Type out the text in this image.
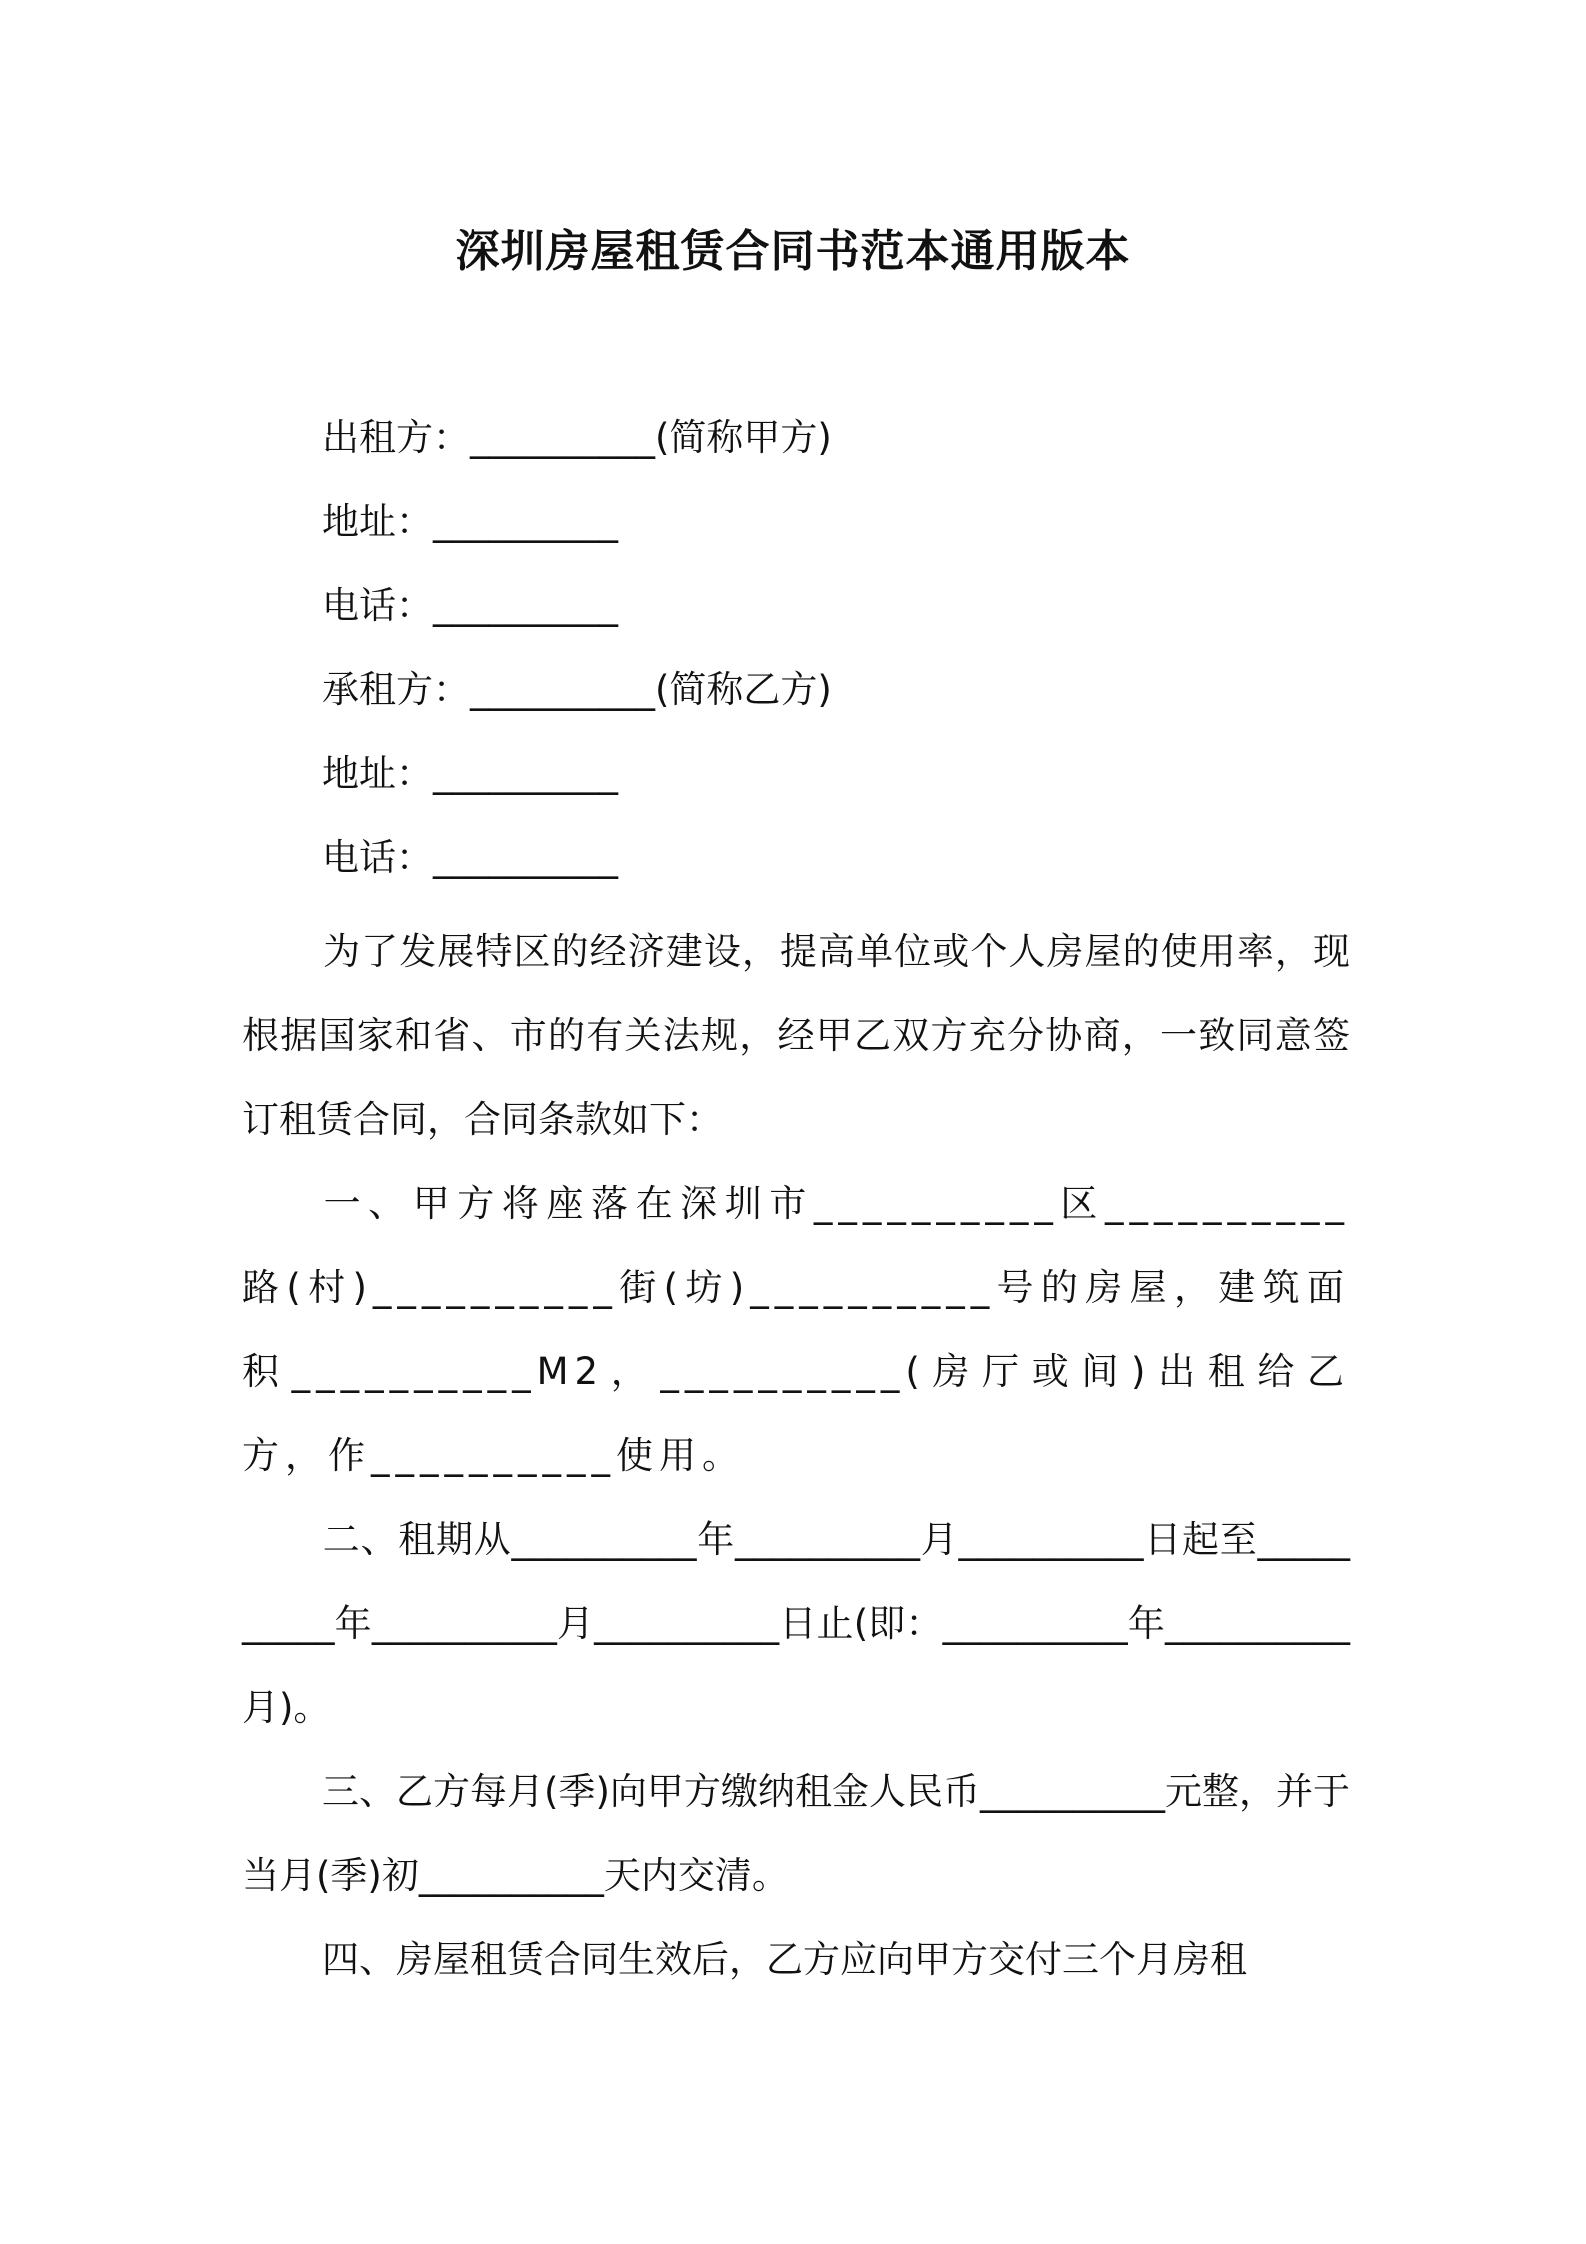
深圳房屋租赁合同书范本通用版本
出租方：__________(简称甲方)
地址：__________
电话：__________
承租方：__________(简称乙方)
地址：__________
电话：__________

为了发展特区的经济建设，提高单位或个人房屋的使用率，现根据国家和省、市的有关法规，经甲乙双方充分协商，一致同意签订租赁合同，合同条款如下：

一、甲方将座落在深圳市__________区__________路(村)__________街(坊)__________号的房屋，建筑面积__________M2，__________(房厅或间)出租给乙方，作__________使用。

二、租期从__________年__________月__________日起至__________年__________月__________日止(即：__________年__________月)。

三、乙方每月(季)向甲方缴纳租金人民币__________元整，并于当月(季)初__________天内交清。

四、房屋租赁合同生效后，乙方应向甲方交付三个月房租
